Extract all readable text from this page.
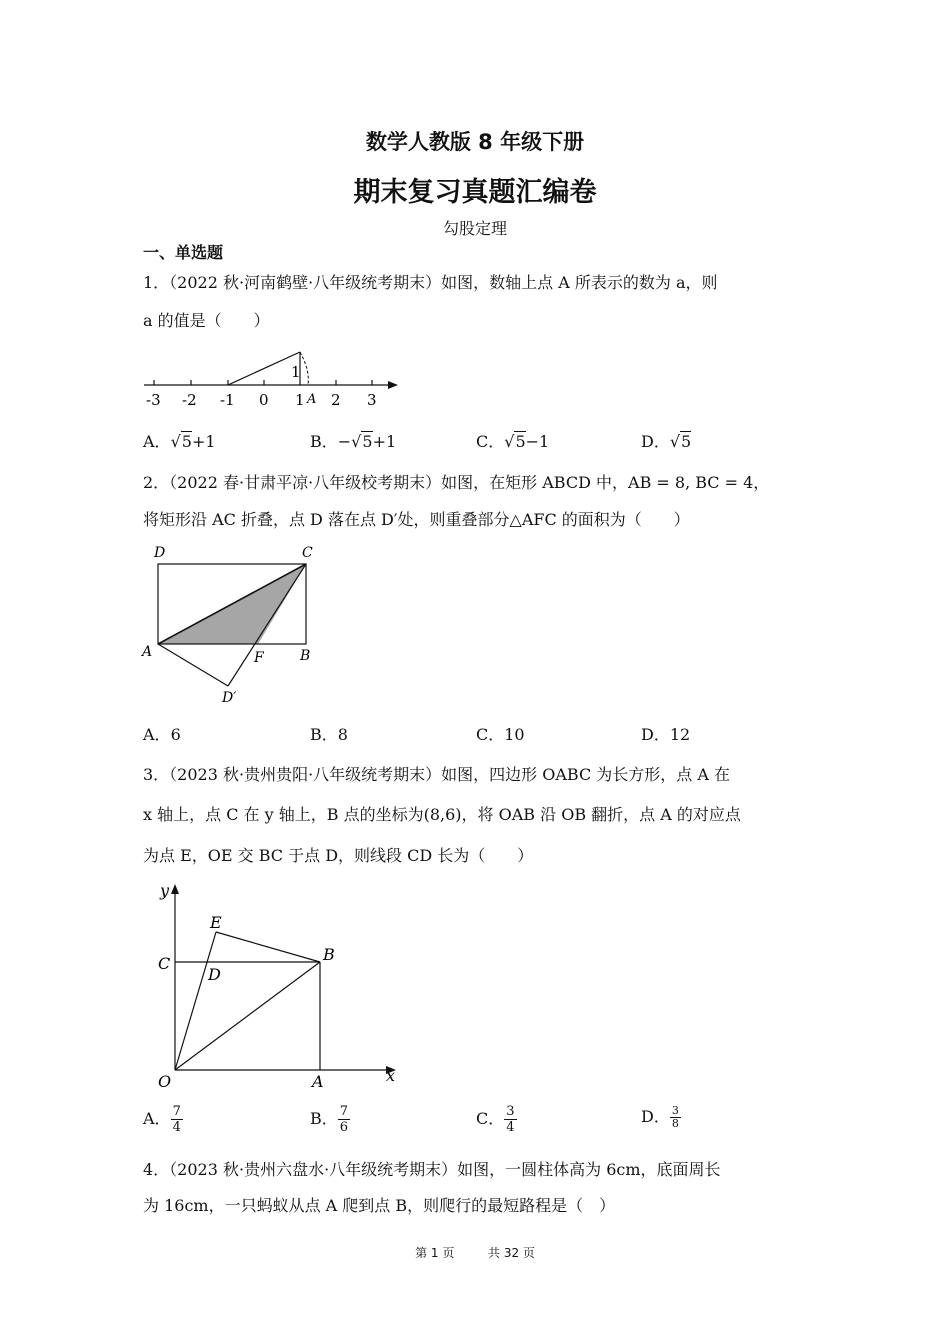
数学人教版 8 年级下册
期末复习真题汇编卷
勾股定理
一、单选题
1．（2022 秋·河南鹤壁·八年级统考期末）如图，数轴上点 A 所表示的数为 a，则
a 的值是（　　）
1
-3 -2 -1 0 1 A 2 3
A．√5+1	B．−√5+1	C．√5−1	D．√5
2．（2022 春·甘肃平凉·八年级校考期末）如图，在矩形 ABCD 中，AB = 8, BC = 4，
将矩形沿 AC 折叠，点 D 落在点 D′处，则重叠部分△AFC 的面积为（　　）
D	C
A	F	B
D′
A．6	B．8	C．10	D．12
3．（2023 秋·贵州贵阳·八年级统考期末）如图，四边形 OABC 为长方形，点 A 在
x 轴上，点 C 在 y 轴上，B 点的坐标为(8,6)，将 OAB 沿 OB 翻折，点 A 的对应点
为点 E，OE 交 BC 于点 D，则线段 CD 长为（　　）
y
x
O	A
B
C
D
E
A． $\frac{7}{4}$	B． $\frac{7}{6}$	C． $\frac{3}{4}$	D． $\frac{3}{8}$
4．（2023 秋·贵州六盘水·八年级统考期末）如图，一圆柱体高为 6cm，底面周长
为 16cm，一只蚂蚁从点 A 爬到点 B，则爬行的最短路程是（　）
第 1 页	共 32 页
